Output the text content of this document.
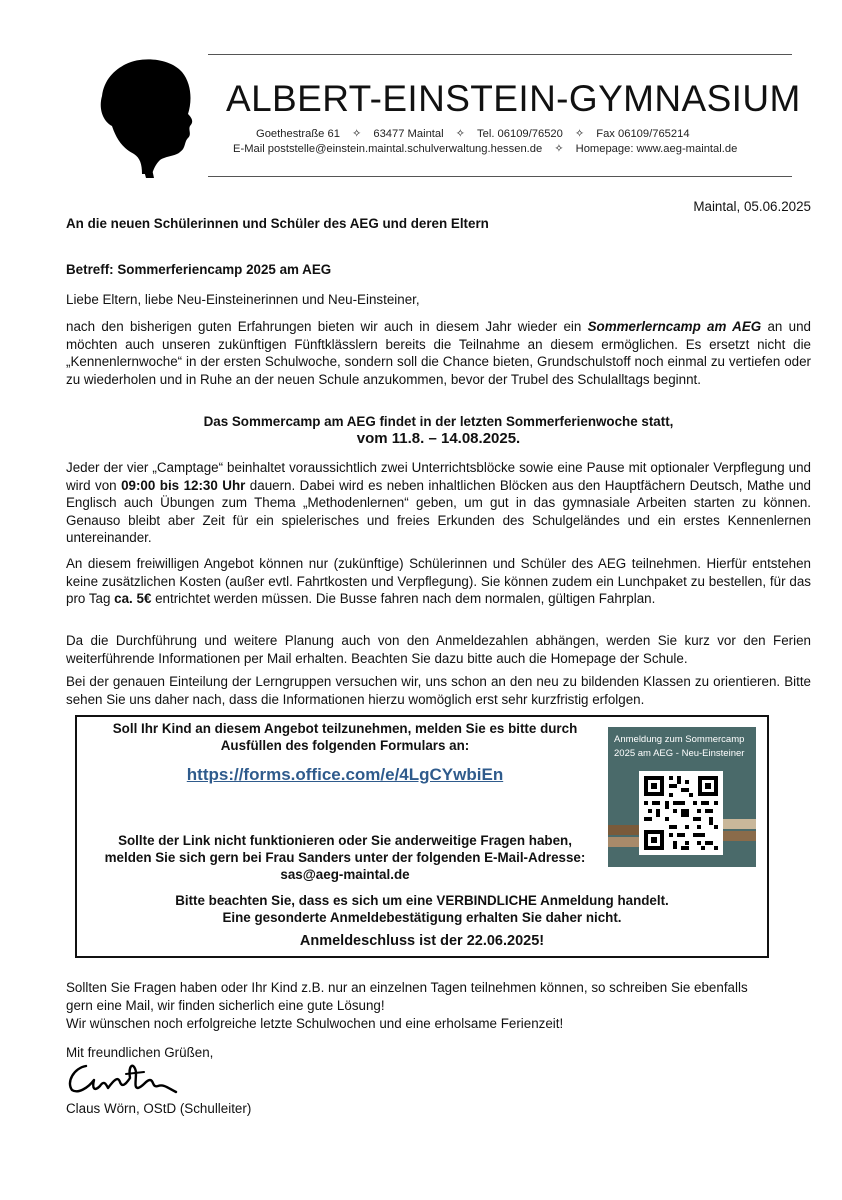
ALBERT-EINSTEIN-GYMNASIUM
Goethestraße 61 ✧ 63477 Maintal ✧ Tel. 06109/76520 ✧ Fax 06109/765214
E-Mail poststelle@einstein.maintal.schulverwaltung.hessen.de ✧ Homepage: www.aeg-maintal.de
Maintal, 05.06.2025
An die neuen Schülerinnen und Schüler des AEG und deren Eltern
Betreff: Sommerferiencamp 2025 am AEG
Liebe Eltern, liebe Neu-Einsteinerinnen und Neu-Einsteiner,
nach den bisherigen guten Erfahrungen bieten wir auch in diesem Jahr wieder ein Sommerlerncamp am AEG an und möchten auch unseren zukünftigen Fünftklässlern bereits die Teilnahme an diesem ermöglichen. Es ersetzt nicht die „Kennenlernwoche“ in der ersten Schulwoche, sondern soll die Chance bieten, Grundschulstoff noch einmal zu vertiefen oder zu wiederholen und in Ruhe an der neuen Schule anzukommen, bevor der Trubel des Schulalltags beginnt.
Das Sommercamp am AEG findet in der letzten Sommerferienwoche statt,
vom 11.8. – 14.08.2025.
Jeder der vier „Camptage“ beinhaltet voraussichtlich zwei Unterrichtsblöcke sowie eine Pause mit optionaler Verpflegung und wird von 09:00 bis 12:30 Uhr dauern. Dabei wird es neben inhaltlichen Blöcken aus den Hauptfächern Deutsch, Mathe und Englisch auch Übungen zum Thema „Methodenlernen“ geben, um gut in das gymnasiale Arbeiten starten zu können. Genauso bleibt aber Zeit für ein spielerisches und freies Erkunden des Schulgeländes und ein erstes Kennenlernen untereinander.
An diesem freiwilligen Angebot können nur (zukünftige) Schülerinnen und Schüler des AEG teilnehmen. Hierfür entstehen keine zusätzlichen Kosten (außer evtl. Fahrtkosten und Verpflegung). Sie können zudem ein Lunchpaket zu bestellen, für das pro Tag ca. 5€ entrichtet werden müssen. Die Busse fahren nach dem normalen, gültigen Fahrplan.
Da die Durchführung und weitere Planung auch von den Anmeldezahlen abhängen, werden Sie kurz vor den Ferien weiterführende Informationen per Mail erhalten. Beachten Sie dazu bitte auch die Homepage der Schule.
Bei der genauen Einteilung der Lerngruppen versuchen wir, uns schon an den neu zu bildenden Klassen zu orientieren. Bitte sehen Sie uns daher nach, dass die Informationen hierzu womöglich erst sehr kurzfristig erfolgen.
Soll Ihr Kind an diesem Angebot teilzunehmen, melden Sie es bitte durch
Ausfüllen des folgenden Formulars an:
https://forms.office.com/e/4LgCYwbiEn
Sollte der Link nicht funktionieren oder Sie anderweitige Fragen haben,
melden Sie sich gern bei Frau Sanders unter der folgenden E-Mail-Adresse:
sas@aeg-maintal.de
Anmeldung zum Sommercamp
2025 am AEG - Neu-Einsteiner
Bitte beachten Sie, dass es sich um eine VERBINDLICHE Anmeldung handelt.
Eine gesonderte Anmeldebestätigung erhalten Sie daher nicht.
Anmeldeschluss ist der 22.06.2025!
Sollten Sie Fragen haben oder Ihr Kind z.B. nur an einzelnen Tagen teilnehmen können, so schreiben Sie ebenfalls
gern eine Mail, wir finden sicherlich eine gute Lösung!
Wir wünschen noch erfolgreiche letzte Schulwochen und eine erholsame Ferienzeit!
Mit freundlichen Grüßen,
Claus Wörn, OStD (Schulleiter)
